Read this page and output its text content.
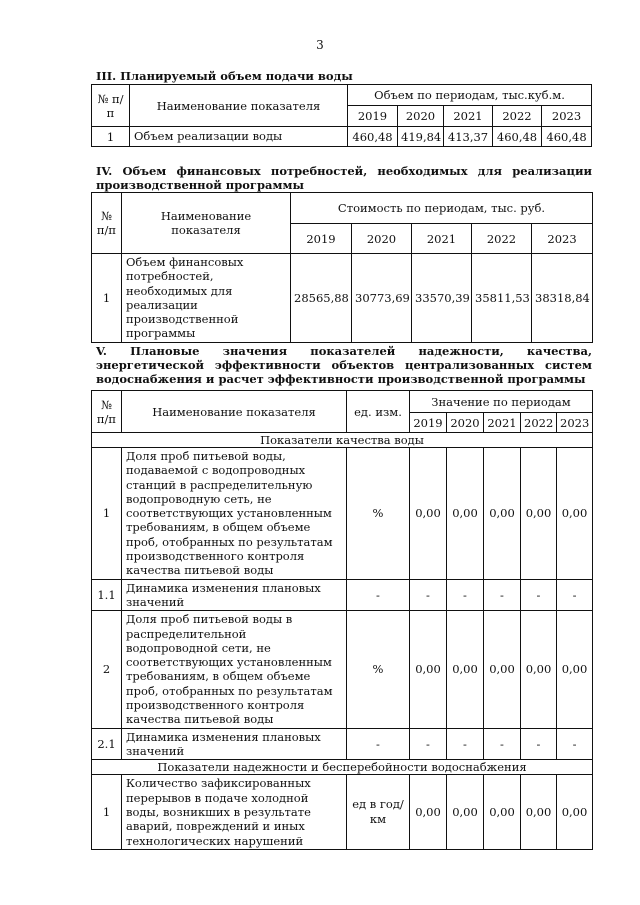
3
III. Планируемый объем подачи воды
№ п/п	Наименование показателя	Объем по периодам, тыс.куб.м.				
		2019	2020	2021	2022	2023
1	Объем реализации воды	460,48	419,84	413,37	460,48	460,48
IV. Объем финансовых потребностей, необходимых для реализации производственной программы
№ п/п	Наименование показателя	Стоимость по периодам, тыс. руб.				
		2019	2020	2021	2022	2023
1	Объем финансовых потребностей, необходимых для реализации производственной программы	28565,88	30773,69	33570,39	35811,53	38318,84
V. Плановые значения показателей надежности, качества, энергетической эффективности объектов централизованных систем водоснабжения и расчет эффективности производственной программы
№ п/п	Наименование показателя	ед. изм.	Значение по периодам				
			2019	2020	2021	2022	2023
Показатели качества воды							
1	Доля проб питьевой воды, подаваемой с водопроводных станций в распределительную водопроводную сеть, не соответствующих установленным требованиям, в общем объеме проб, отобранных по результатам производственного контроля качества питьевой воды	%	0,00	0,00	0,00	0,00	0,00
1.1	Динамика изменения плановых значений	-	-	-	-	-	-
2	Доля проб питьевой воды в распределительной водопроводной сети, не соответствующих установленным требованиям, в общем объеме проб, отобранных по результатам производственного контроля качества питьевой воды	%	0,00	0,00	0,00	0,00	0,00
2.1	Динамика изменения плановых значений	-	-	-	-	-	-
Показатели надежности и бесперебойности водоснабжения							
1	Количество зафиксированных перерывов в подаче холодной воды, возникших в результате аварий, повреждений и иных технологических нарушений	ед в год/ км	0,00	0,00	0,00	0,00	0,00
